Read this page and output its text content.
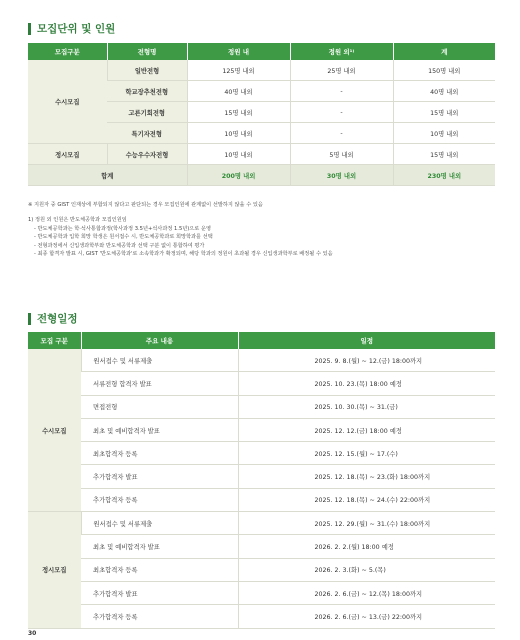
모집단위 및 인원
모집구분	전형명	정원 내	정원 외¹⁾	계
수시모집	일반전형	125명 내외	25명 내외	150명 내외
	학교장추천전형	40명 내외	-	40명 내외
	고른기회전형	15명 내외	-	15명 내외
	특기자전형	10명 내외	-	10명 내외
정시모집	수능우수자전형	10명 내외	5명 내외	15명 내외
합계		200명 내외	30명 내외	230명 내외
※ 지원자 중 GIST 인재상에 부합되지 않다고 판단되는 경우 모집인원에 관계없이 선발하지 않을 수 있음
1) 정원 외 인원은 반도체공학과 모집인원임
- 반도체공학과는 학·석사통합과정(학사과정 3.5년+석사과정 1.5년)으로 운영
- 반도체공학과 입학 희망 학생은 원서접수 시, 반도체공학과로 희망학과를 선택
- 전형과정에서 신입생과학부와 반도체공학과 선택 구분 없이 통합하여 평가
- 최종 합격자 발표 시, GIST '반도체공학과'로 소속학과가 확정되며, 해당 학과의 정원이 초과될 경우 신입생과학부로 배정될 수 있음
전형일정
모집 구분	주요 내용	일정
수시모집	원서접수 및 서류제출	2025. 9. 8.(월) ~ 12.(금) 18:00까지
	서류전형 합격자 발표	2025. 10. 23.(목) 18:00 예정
	면접전형	2025. 10. 30.(목) ~ 31.(금)
	최초 및 예비합격자 발표	2025. 12. 12.(금) 18:00 예정
	최초합격자 등록	2025. 12. 15.(월) ~ 17.(수)
	추가합격자 발표	2025. 12. 18.(목) ~ 23.(화) 18:00까지
	추가합격자 등록	2025. 12. 18.(목) ~ 24.(수) 22:00까지
정시모집	원서접수 및 서류제출	2025. 12. 29.(월) ~ 31.(수) 18:00까지
	최초 및 예비합격자 발표	2026. 2. 2.(월) 18:00 예정
	최초합격자 등록	2026. 2. 3.(화) ~ 5.(목)
	추가합격자 발표	2026. 2. 6.(금) ~ 12.(목) 18:00까지
	추가합격자 등록	2026. 2. 6.(금) ~ 13.(금) 22:00까지
30
